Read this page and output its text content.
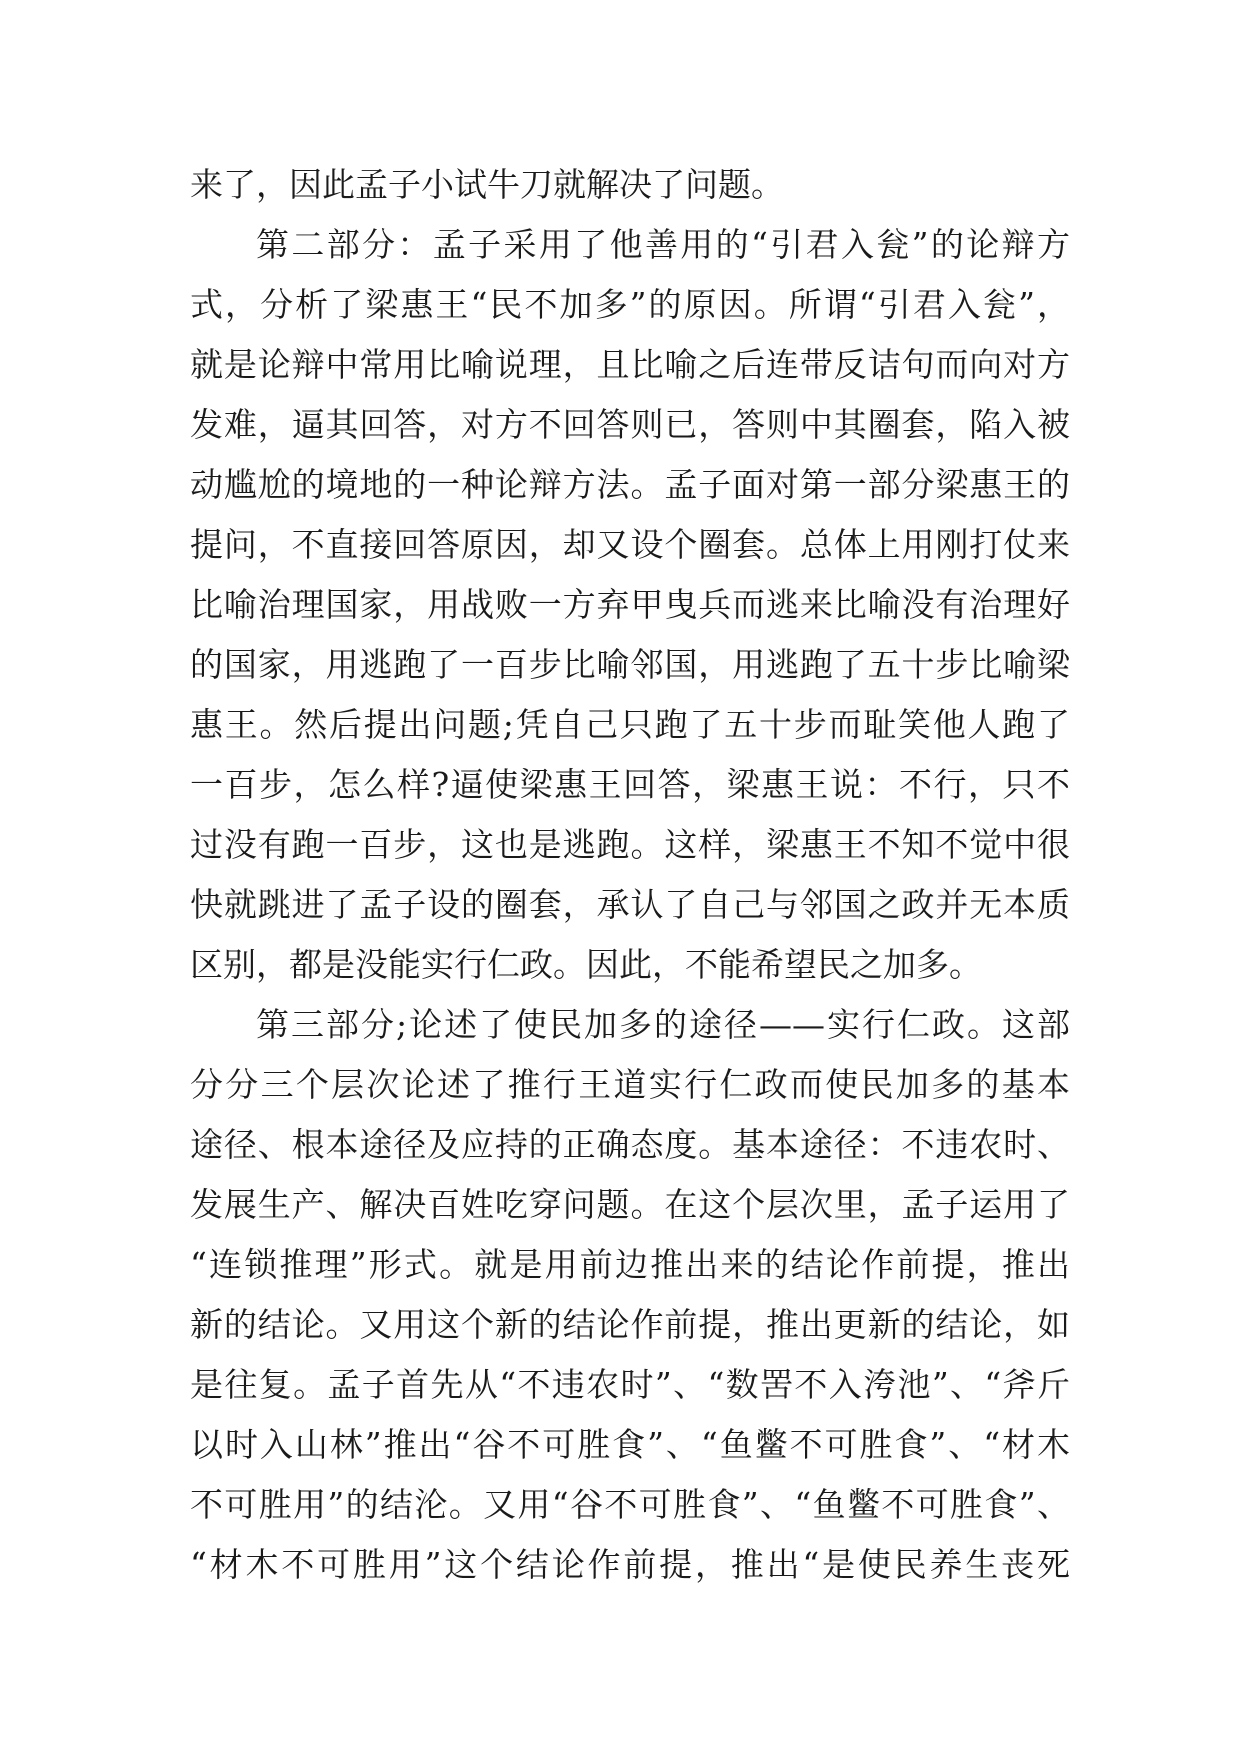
来了，因此孟子小试牛刀就解决了问题。
第二部分：孟子采用了他善用的“引君入瓮”的论辩方
式，分析了梁惠王“民不加多”的原因。所谓“引君入瓮”，
就是论辩中常用比喻说理，且比喻之后连带反诘句而向对方
发难，逼其回答，对方不回答则已，答则中其圈套，陷入被
动尴尬的境地的一种论辩方法。孟子面对第一部分梁惠王的
提问，不直接回答原因，却又设个圈套。总体上用刚打仗来
比喻治理国家，用战败一方弃甲曳兵而逃来比喻没有治理好
的国家，用逃跑了一百步比喻邻国，用逃跑了五十步比喻梁
惠王。然后提出问题;凭自己只跑了五十步而耻笑他人跑了
一百步，怎么样?逼使梁惠王回答，梁惠王说：不行，只不
过没有跑一百步，这也是逃跑。这样，梁惠王不知不觉中很
快就跳进了孟子设的圈套，承认了自己与邻国之政并无本质
区别，都是没能实行仁政。因此，不能希望民之加多。
第三部分;论述了使民加多的途径——实行仁政。这部
分分三个层次论述了推行王道实行仁政而使民加多的基本
途径、根本途径及应持的正确态度。基本途径：不违农时、
发展生产、解决百姓吃穿问题。在这个层次里，孟子运用了
“连锁推理”形式。就是用前边推出来的结论作前提，推出
新的结论。又用这个新的结论作前提，推出更新的结论，如
是往复。孟子首先从“不违农时”、“数罟不入洿池”、“斧斤
以时入山林”推出“谷不可胜食”、“鱼鳖不可胜食”、“材木
不可胜用”的结沦。又用“谷不可胜食”、“鱼鳖不可胜食”、
“材木不可胜用”这个结论作前提，推出“是使民养生丧死
